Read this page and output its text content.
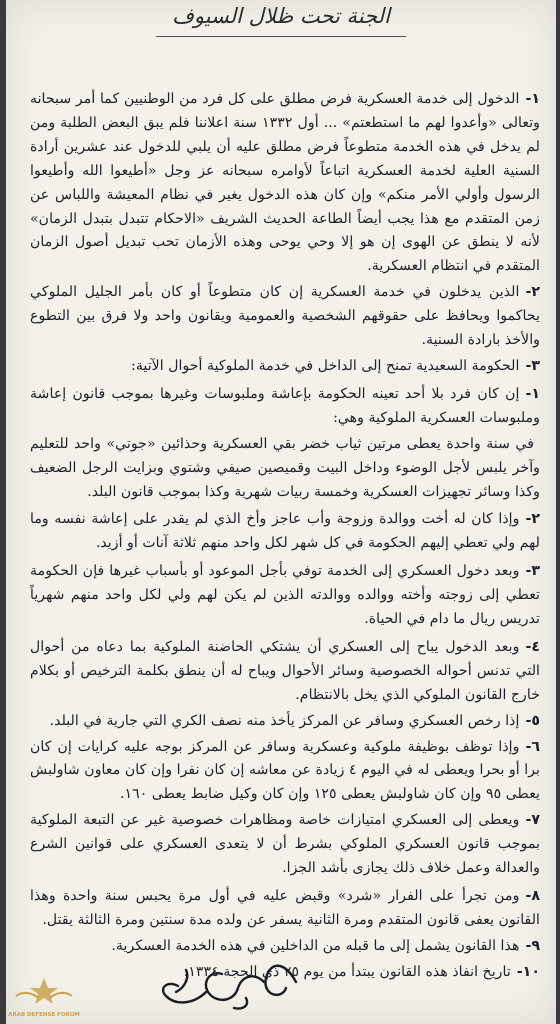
الجنة تحت ظلال السيوف

١-الدخول إلى خدمة العسكرية فرض مطلق على كل فرد من الوطنيين كما أمر سبحانه وتعالى «وأعدوا لهم ما استطعتم» ... أول ١٣٣٢ سنة اعلاننا فلم يبق البعض الطلبة ومن لم يدخل في هذه الخدمة متطوعاً فرض مطلق عليه أن يلبي للدخول عند عشرين أرادة السنية العلية لخدمة العسكرية اتباعاً لأوامره سبحانه عز وجل «أطيعوا الله وأطيعوا الرسول وأولي الأمر منكم» وإن كان هذه الدخول يغير في نظام المعيشة واللباس عن زمن المتقدم مع هذا يجب أيضاً الطاعة الحديث الشريف «الاحكام تتبدل بتبدل الزمان» لأنه لا ينطق عن الهوى إن هو إلا وحي يوحى وهذه الأزمان تحب تبديل أصول الزمان المتقدم في انتظام العسكرية.

٢-الذين يدخلون في خدمة العسكرية إن كان متطوعاً أو كان بأمر الجليل الملوكي يحاكموا ويحافظ على حقوقهم الشخصية والعمومية ويقانون واحد ولا فرق بين التطوع والأخذ بارادة السنية.

٣-الحكومة السعيدية تمنح إلى الداخل في خدمة الملوكية أحوال الآتية:

١-إن كان فرد بلا أحد تعينه الحكومة بإعاشة وملبوسات وغيرها بموجب قانون إعاشة وملبوسات العسكرية الملوكية وهي:

في سنة واحدة يعطى مرتين ثياب خضر بقي العسكرية وحذائين «جوتي» واحد للتعليم وآخر يلبس لأجل الوضوء وداخل البيت وقميصين صيفي وشتوي وبزايت الرجل الضعيف وكذا وسائر تجهيزات العسكرية وخمسة ربيات شهرية وكذا بموجب قانون البلد.

٢-وإذا كان له أخت ووالدة وزوجة وأب عاجز وأخ الذي لم يقدر على إعاشة نفسه وما لهم ولي تعطي إليهم الحكومة في كل شهر لكل واحد منهم ثلاثة آنات أو أزيد.

٣-وبعد دخول العسكري إلى الخدمة توفي بأجل الموعود أو بأسباب غيرها فإن الحكومة تعطي إلى زوجته وأخته ووالده ووالدته الذين لم يكن لهم ولي لكل واحد منهم شهرياً تدريس ريال ما دام في الحياة.

٤-وبعد الدخول يباح إلى العسكري أن يشتكي الحاضنة الملوكية بما دعاه من أحوال التي تدنس أحواله الخصوصية وسائر الأحوال ويباح له أن ينطق بكلمة الترخيص أو بكلام خارج القانون الملوكي الذي يخل بالانتظام.

٥-إذا رخص العسكري وسافر عن المركز يأخذ منه نصف الكري التي جارية في البلد.

٦-وإذا توظف بوظيفة ملوكية وعسكرية وسافر عن المركز بوجه عليه كرايات إن كان برا أو بحرا ويعطى له في اليوم ٤ زيادة عن معاشه إن كان نفرا وإن كان معاون شاولبش يعطى ٩٥ وإن كان شاولبش يعطى ١٢٥ وإن كان وكيل ضابط يعطى ١٦٠.

٧-ويعطى إلى العسكري امتيازات خاصة ومظاهرات خصوصية غير عن التبعة الملوكية بموجب قانون العسكري الملوكي بشرط أن لا يتعدى العسكري على قوانين الشرع والعدالة وعمل خلاف ذلك يجازى بأشد الجزا.

٨-ومن تجرأ على الفرار «شرد» وقبض عليه في أول مرة يحبس سنة واحدة وهذا القانون يعفى قانون المتقدم ومرة الثانية يسفر عن ولده مدة سنتين ومرة الثالثة يقتل.

٩-هذا القانون يشمل إلى ما قبله من الداخلين في هذه الخدمة العسكرية.

١٠-تاريخ انفاذ هذه القانون يبتدأ من يوم ٢٥ ذي الحجة ١٣٣٤.

ARAB DEFENSE FORUM
